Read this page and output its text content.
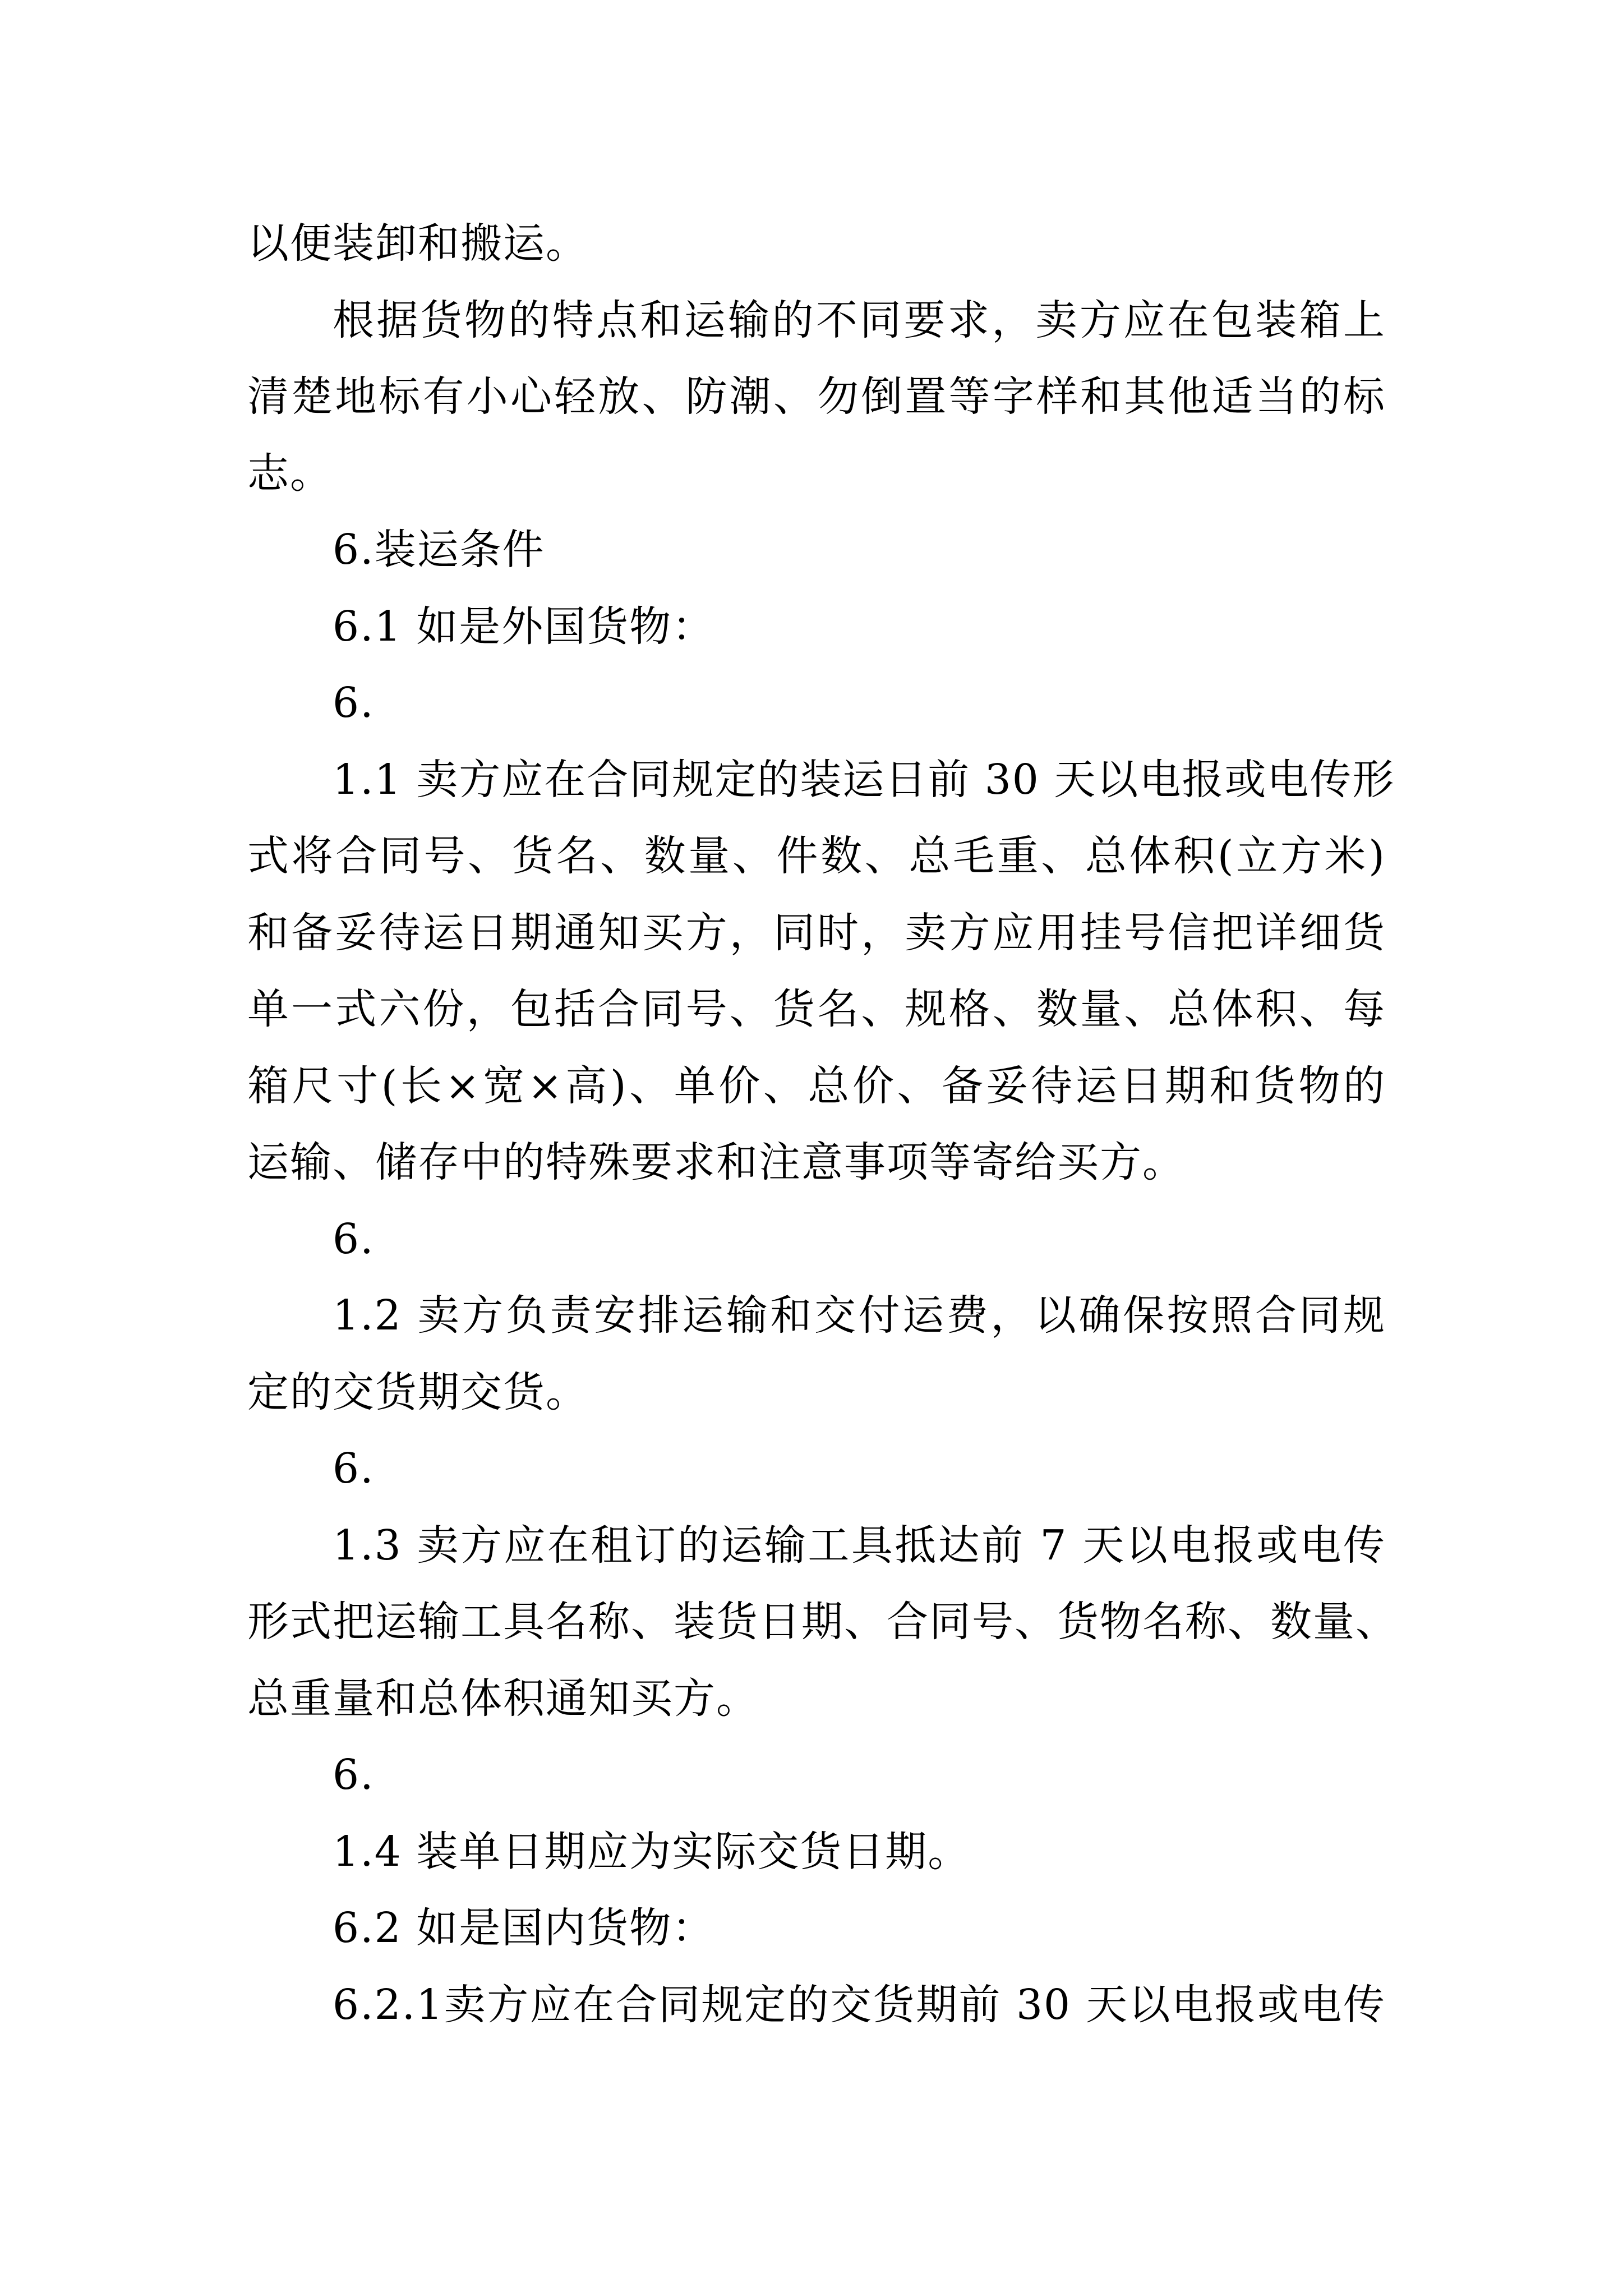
以便装卸和搬运。
根据货物的特点和运输的不同要求，卖方应在包装箱上
清楚地标有小心轻放、防潮、勿倒置等字样和其他适当的标
志。
6.装运条件
6.1 如是外国货物：
6.
1.1 卖方应在合同规定的装运日前 30 天以电报或电传形
式将合同号、货名、数量、件数、总毛重、总体积(立方米)
和备妥待运日期通知买方，同时，卖方应用挂号信把详细货
单一式六份，包括合同号、货名、规格、数量、总体积、每
箱尺寸(长×宽×高)、单价、总价、备妥待运日期和货物的
运输、储存中的特殊要求和注意事项等寄给买方。
6.
1.2 卖方负责安排运输和交付运费，以确保按照合同规
定的交货期交货。
6.
1.3 卖方应在租订的运输工具抵达前 7 天以电报或电传
形式把运输工具名称、装货日期、合同号、货物名称、数量、
总重量和总体积通知买方。
6.
1.4 装单日期应为实际交货日期。
6.2 如是国内货物：
6.2.1卖方应在合同规定的交货期前 30 天以电报或电传
